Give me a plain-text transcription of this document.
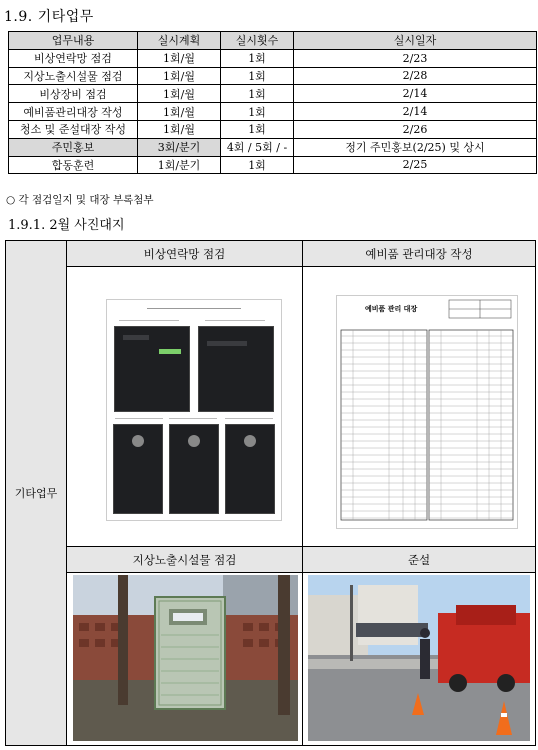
1.9. 기타업무
업무내용	실시계획	실시횟수	실시일자
비상연락망 점검	1회/월	1회	2/23
지상노출시설물 점검	1회/월	1회	2/28
비상장비 점검	1회/월	1회	2/14
예비품관리대장 작성	1회/월	1회	2/14
청소 및 준설대장 작성	1회/월	1회	2/26
주민홍보	3회/분기	4회 / 5회 / -	정기 주민홍보(2/25) 및 상시
합동훈련	1회/분기	1회	2/25
○ 각 점검일지 및 대장 부록첨부
1.9.1. 2월 사진대지
기타업무
비상연락망 점검	예비품 관리대장 작성
지상노출시설물 점검	준설
예비품 관리 대장
